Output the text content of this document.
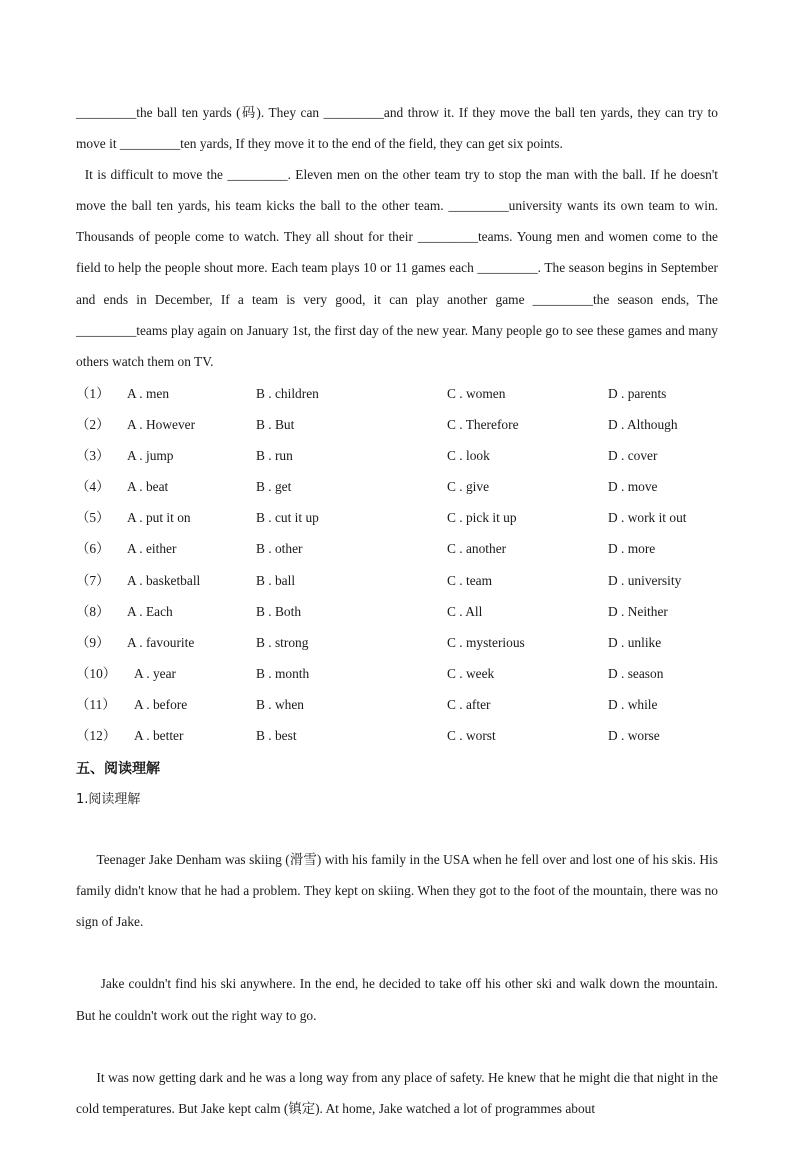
_________the ball ten yards (码). They can _________and throw it. If they move the ball ten yards, they can try to move it _________ten yards, If they move it to the end of the field, they can get six points.
It is difficult to move the _________. Eleven men on the other team try to stop the man with the ball. If he doesn't move the ball ten yards, his team kicks the ball to the other team. _________university wants its own team to win. Thousands of people come to watch. They all shout for their _________teams. Young men and women come to the field to help the people shout more. Each team plays 10 or 11 games each _________. The season begins in September and ends in December, If a team is very good, it can play another game _________the season ends, The _________teams play again on January 1st, the first day of the new year. Many people go to see these games and many others watch them on TV.
（1） A . men	B . children	C . women	D . parents
（2） A . However	B . But	C . Therefore	D . Although
（3） A . jump	B . run	C . look	D . cover
（4） A . beat	B . get	C . give	D . move
（5） A . put it on	B . cut it up	C . pick it up	D . work it out
（6） A . either	B . other	C . another	D . more
（7） A . basketball	B . ball	C . team	D . university
（8） A . Each	B . Both	C . All	D . Neither
（9） A . favourite	B . strong	C . mysterious	D . unlike
（10） A . year	B . month	C . week	D . season
（11） A . before	B . when	C . after	D . while
（12） A . better	B . best	C . worst	D . worse
五、阅读理解

1.阅读理解

Teenager Jake Denham was skiing (滑雪) with his family in the USA when he fell over and lost one of his skis. His family didn't know that he had a problem. They kept on skiing. When they got to the foot of the mountain, there was no sign of Jake.

Jake couldn't find his ski anywhere. In the end, he decided to take off his other ski and walk down the mountain. But he couldn't work out the right way to go.

It was now getting dark and he was a long way from any place of safety. He knew that he might die that night in the cold temperatures. But Jake kept calm (镇定). At home, Jake watched a lot of programmes about
